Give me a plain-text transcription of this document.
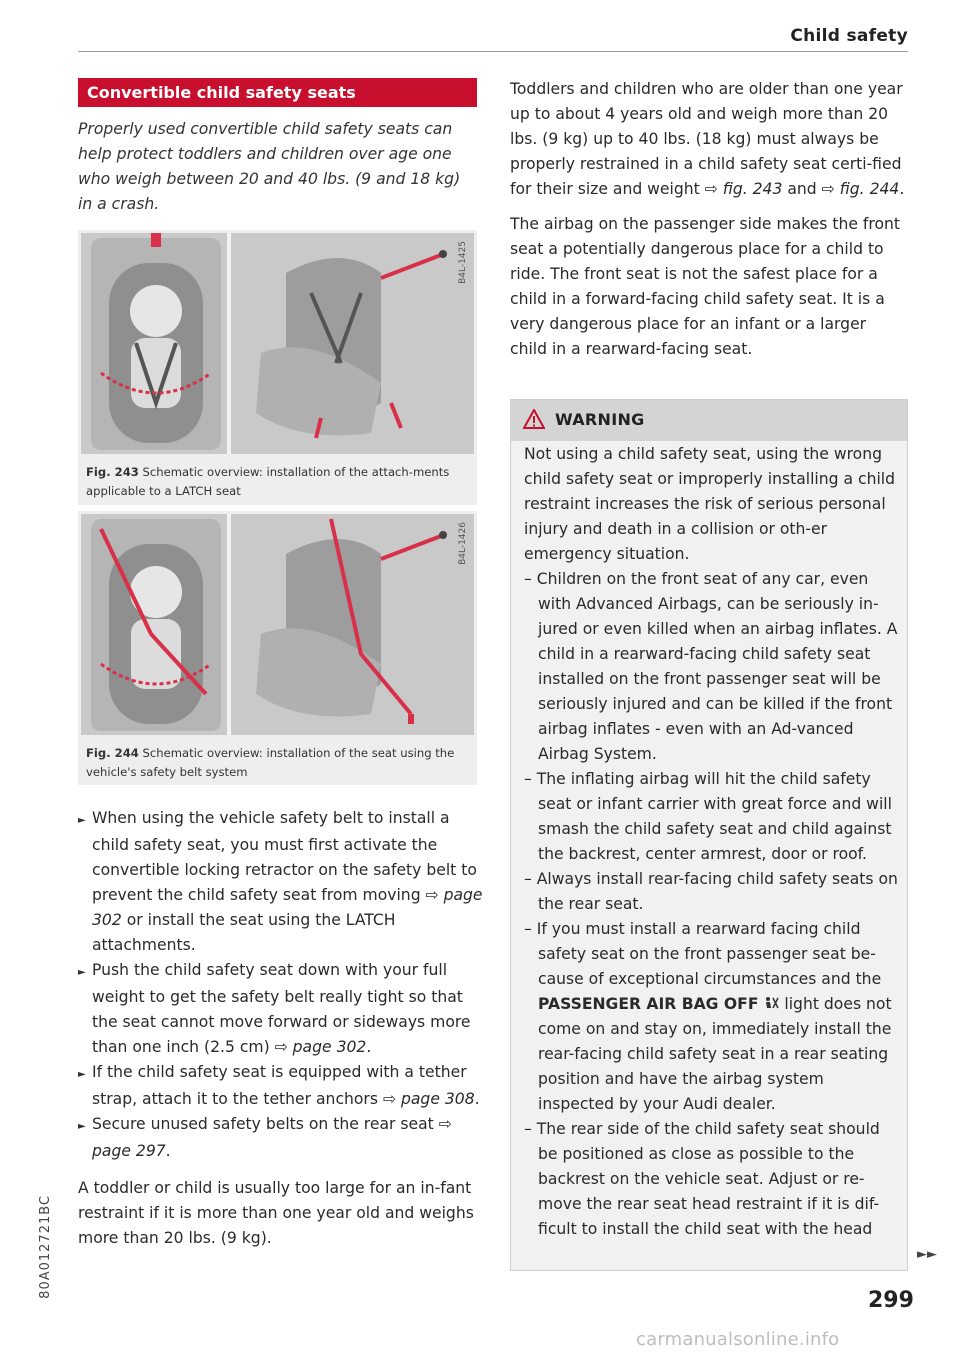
Child safety
Convertible child safety seats
Properly used convertible child safety seats can help protect toddlers and children over age one who weigh between 20 and 40 lbs. (9 and 18 kg) in a crash.
B4L-1425
Fig. 243 Schematic overview: installation of the attach-ments applicable to a LATCH seat
B4L-1426
Fig. 244 Schematic overview: installation of the seat using the vehicle's safety belt system

► When using the vehicle safety belt to install a child safety seat, you must first activate the convertible locking retractor on the safety belt to prevent the child safety seat from moving ⇨ page 302 or install the seat using the LATCH attachments.

► Push the child safety seat down with your full weight to get the safety belt really tight so that the seat cannot move forward or sideways more than one inch (2.5 cm) ⇨ page 302.

► If the child safety seat is equipped with a tether strap, attach it to the tether anchors ⇨ page 308.

► Secure unused safety belts on the rear seat ⇨ page 297.

A toddler or child is usually too large for an in-fant restraint if it is more than one year old and weighs more than 20 lbs. (9 kg).

Toddlers and children who are older than one year up to about 4 years old and weigh more than 20 lbs. (9 kg) up to 40 lbs. (18 kg) must always be properly restrained in a child safety seat certi-fied for their size and weight ⇨ fig. 243 and ⇨ fig. 244.

The airbag on the passenger side makes the front seat a potentially dangerous place for a child to ride. The front seat is not the safest place for a child in a forward-facing child safety seat. It is a very dangerous place for an infant or a larger child in a rearward-facing seat.

WARNING

Not using a child safety seat, using the wrong child safety seat or improperly installing a child restraint increases the risk of serious personal injury and death in a collision or oth-er emergency situation.

– Children on the front seat of any car, even with Advanced Airbags, can be seriously in-jured or even killed when an airbag inflates. A child in a rearward-facing child safety seat installed on the front passenger seat will be seriously injured and can be killed if the front airbag inflates - even with an Ad-vanced Airbag System.

– The inflating airbag will hit the child safety seat or infant carrier with great force and will smash the child safety seat and child against the backrest, center armrest, door or roof.

– Always install rear-facing child safety seats on the rear seat.

– If you must install a rearward facing child safety seat on the front passenger seat be-cause of exceptional circumstances and the PASSENGER AIR BAG OFF  light does not come on and stay on, immediately install the rear-facing child safety seat in a rear seating position and have the airbag system inspected by your Audi dealer.

– The rear side of the child safety seat should be positioned as close as possible to the backrest on the vehicle seat. Adjust or re-move the rear seat head restraint if it is dif-ficult to install the child seat with the head

►►
299
80A012721BC
carmanualsonline.info
